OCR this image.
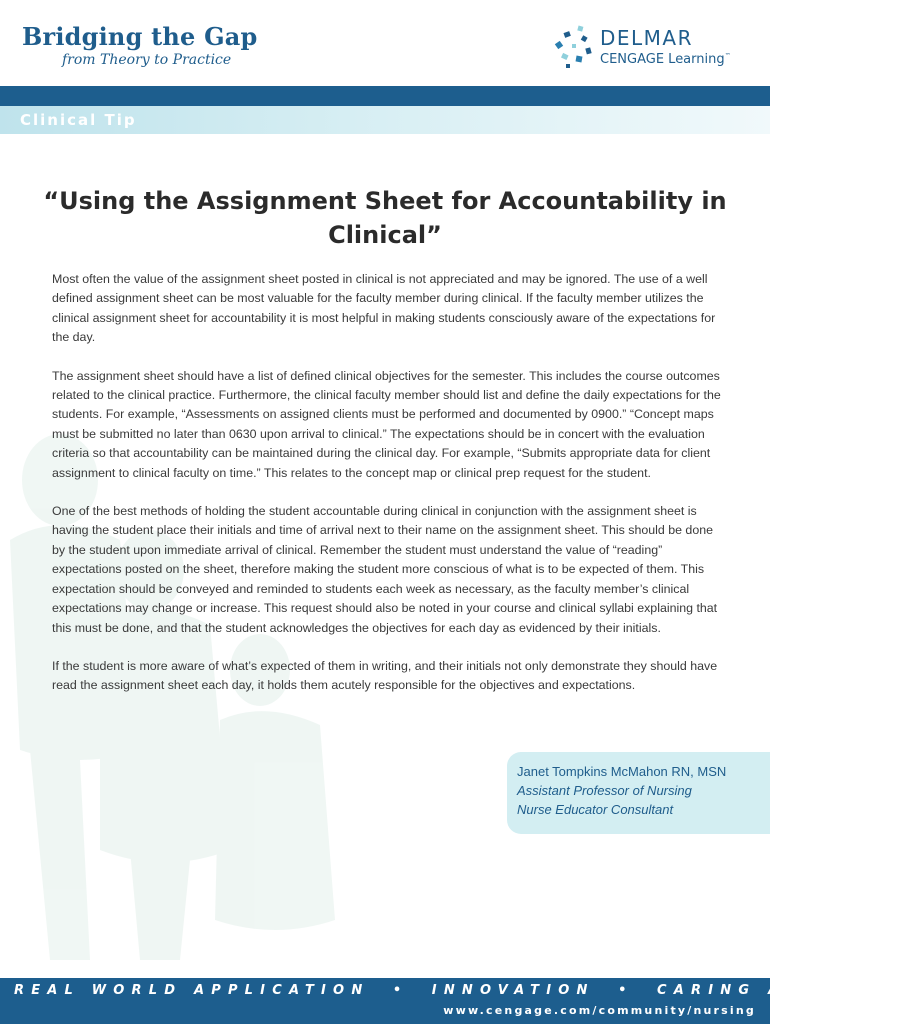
Bridging the Gap
from Theory to Practice
DELMAR
CENGAGE Learning™
Clinical Tip
“Using the Assignment Sheet for Accountability in Clinical”

Most often the value of the assignment sheet posted in clinical is not appreciated and may be ignored. The use of a well defined assignment sheet can be most valuable for the faculty member during clinical. If the faculty member utilizes the clinical assignment sheet for accountability it is most helpful in making students consciously aware of the expectations for the day.

The assignment sheet should have a list of defined clinical objectives for the semester. This includes the course outcomes related to the clinical practice. Furthermore, the clinical faculty member should list and define the daily expectations for the students. For example, “Assessments on assigned clients must be performed and documented by 0900.” “Concept maps must be submitted no later than 0630 upon arrival to clinical.” The expectations should be in concert with the evaluation criteria so that accountability can be maintained during the clinical day. For example, “Submits appropriate data for client assignment to clinical faculty on time.” This relates to the concept map or clinical prep request for the student.

One of the best methods of holding the student accountable during clinical in conjunction with the assignment sheet is having the student place their initials and time of arrival next to their name on the assignment sheet. This should be done by the student upon immediate arrival of clinical. Remember the student must understand the value of “reading” expectations posted on the sheet, therefore making the student more conscious of what is to be expected of them. This expectation should be conveyed and reminded to students each week as necessary, as the faculty member’s clinical expectations may change or increase. This request should also be noted in your course and clinical syllabi explaining that this must be done, and that the student acknowledges the objectives for each day as evidenced by their initials.

If the student is more aware of what’s expected of them in writing, and their initials not only demonstrate they should have read the assignment sheet each day, it holds them acutely responsible for the objectives and expectations.

Janet Tompkins McMahon RN, MSN
Assistant Professor of Nursing
Nurse Educator Consultant
REAL WORLD APPLICATION  •  INNOVATION  •  CARING APPROACH
www.cengage.com/community/nursing
